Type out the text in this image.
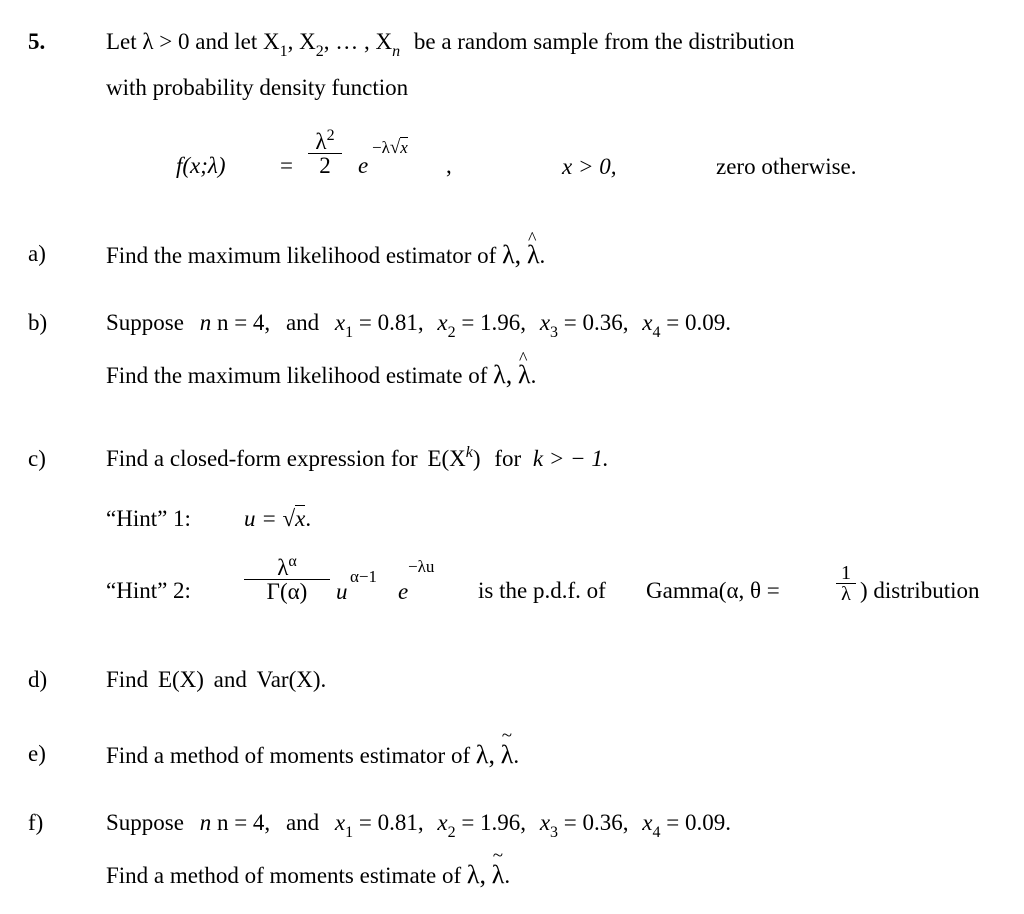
5.	Let λ > 0 and let $X_1$, $X_2$, … , $X_n$ be a random sample from the distribution
with probability density function
f(x;λ) = $\frac{\lambda^2}{2}$ e
−λ√x
,	x > 0,	zero otherwise.
a)	Find the maximum likelihood estimator of λ, ^ λ.
b)	Suppose n n = 4, and $x_1 = 0.81$, $x_2 = 1.96$, $x_3 = 0.36$, $x_4 = 0.09$.
Find the maximum likelihood estimate of λ, ^ λ.
c)	Find a closed-form expression for $E(X^k)$ for k > − 1.
“Hint” 1: u = √x.
“Hint” 2: $\frac{\lambda^\alpha}{\Gamma(\alpha)}$ u
α−1
e
−λu
is the p.d.f. of Gamma(α, θ =	$\frac{1}{\lambda}$ ) distribution
d)	Find E(X) and Var(X).
e)	Find a method of moments estimator of λ, ~ λ.
f)	Suppose n n = 4, and $x_1 = 0.81$, $x_2 = 1.96$, $x_3 = 0.36$, $x_4 = 0.09$.
Find a method of moments estimate of λ, ~ λ.
